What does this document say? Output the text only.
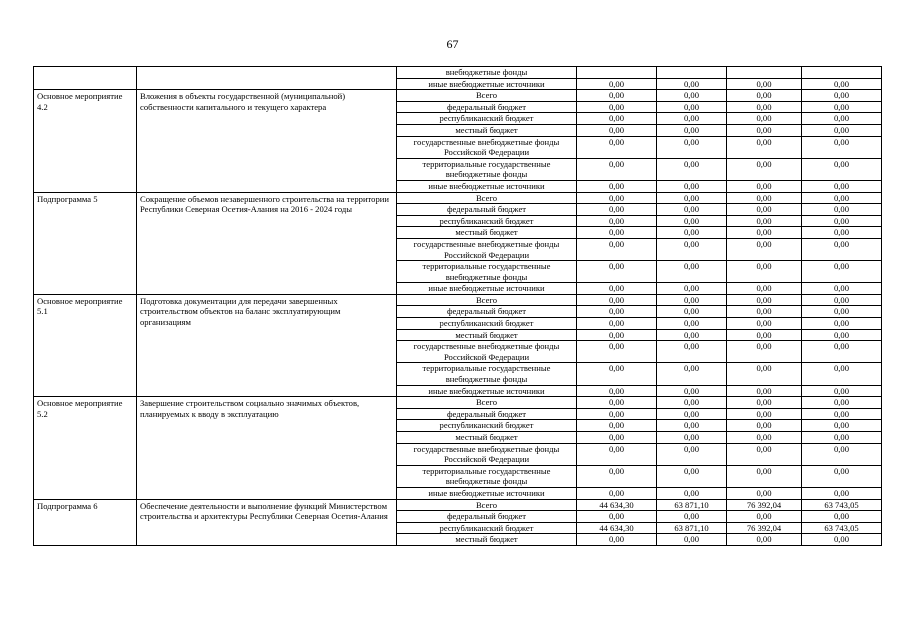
67
		внебюджетные фонды				
		иные внебюджетные источники	0,00	0,00	0,00	0,00
Основное мероприятие 4.2	Вложения в объекты государственной (муниципальной) собственности капитального и текущего характера	Всего	0,00	0,00	0,00	0,00
		федеральный бюджет	0,00	0,00	0,00	0,00
		республиканский бюджет	0,00	0,00	0,00	0,00
		местный бюджет	0,00	0,00	0,00	0,00
		государственные внебюджетные фонды Российской Федерации	0,00	0,00	0,00	0,00
		территориальные государственные внебюджетные фонды	0,00	0,00	0,00	0,00
		иные внебюджетные источники	0,00	0,00	0,00	0,00
Подпрограмма 5	Сокращение объемов незавершенного строительства на территории Республики Северная Осетия-Алания на 2016 - 2024 годы	Всего	0,00	0,00	0,00	0,00
		федеральный бюджет	0,00	0,00	0,00	0,00
		республиканский бюджет	0,00	0,00	0,00	0,00
		местный бюджет	0,00	0,00	0,00	0,00
		государственные внебюджетные фонды Российской Федерации	0,00	0,00	0,00	0,00
		территориальные государственные внебюджетные фонды	0,00	0,00	0,00	0,00
		иные внебюджетные источники	0,00	0,00	0,00	0,00
Основное мероприятие 5.1	Подготовка документации для передачи завершенных строительством объектов на баланс эксплуатирующим организациям	Всего	0,00	0,00	0,00	0,00
		федеральный бюджет	0,00	0,00	0,00	0,00
		республиканский бюджет	0,00	0,00	0,00	0,00
		местный бюджет	0,00	0,00	0,00	0,00
		государственные внебюджетные фонды Российской Федерации	0,00	0,00	0,00	0,00
		территориальные государственные внебюджетные фонды	0,00	0,00	0,00	0,00
		иные внебюджетные источники	0,00	0,00	0,00	0,00
Основное мероприятие 5.2	Завершение строительством социально значимых объектов, планируемых к вводу в эксплуатацию	Всего	0,00	0,00	0,00	0,00
		федеральный бюджет	0,00	0,00	0,00	0,00
		республиканский бюджет	0,00	0,00	0,00	0,00
		местный бюджет	0,00	0,00	0,00	0,00
		государственные внебюджетные фонды Российской Федерации	0,00	0,00	0,00	0,00
		территориальные государственные внебюджетные фонды	0,00	0,00	0,00	0,00
		иные внебюджетные источники	0,00	0,00	0,00	0,00
Подпрограмма 6	Обеспечение деятельности и выполнение функций Министерством строительства и архитектуры Республики Северная Осетия-Алания	Всего	44 634,30	63 871,10	76 392,04	63 743,05
		федеральный бюджет	0,00	0,00	0,00	0,00
		республиканский бюджет	44 634,30	63 871,10	76 392,04	63 743,05
		местный бюджет	0,00	0,00	0,00	0,00
